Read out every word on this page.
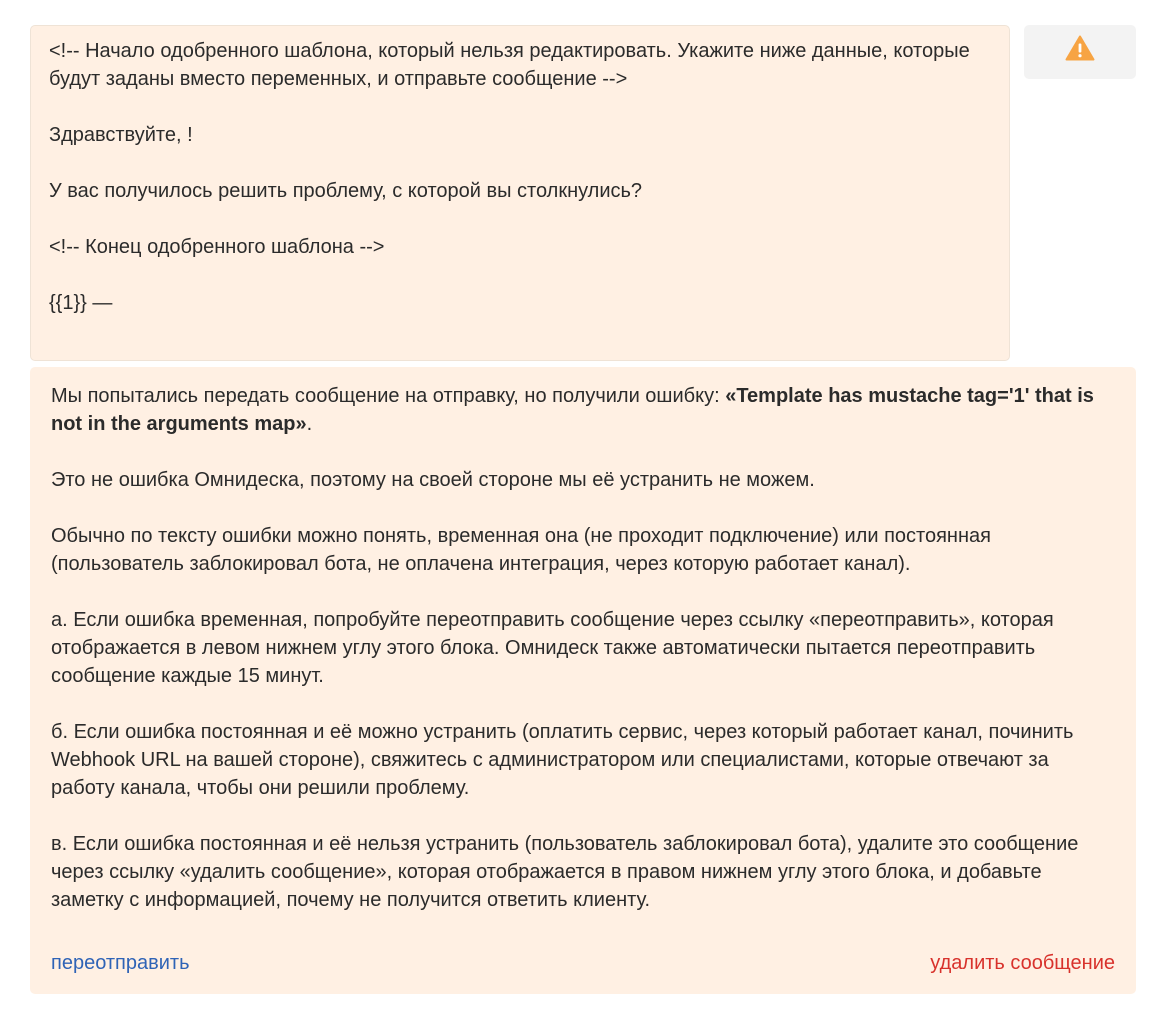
<!-- Начало одобренного шаблона, который нельзя редактировать. Укажите ниже данные, которые будут заданы вместо переменных, и отправьте сообщение -->

Здравствуйте, !

У вас получилось решить проблему, с которой вы столкнулись?

<!-- Конец одобренного шаблона -->

{{1}} —

Мы попытались передать сообщение на отправку, но получили ошибку: «Template has mustache tag='1' that is not in the arguments map».

Это не ошибка Омнидеска, поэтому на своей стороне мы её устранить не можем.

Обычно по тексту ошибки можно понять, временная она (не проходит подключение) или постоянная (пользователь заблокировал бота, не оплачена интеграция, через которую работает канал).

а. Если ошибка временная, попробуйте переотправить сообщение через ссылку «переотправить», которая отображается в левом нижнем углу этого блока. Омнидеск также автоматически пытается переотправить сообщение каждые 15 минут.

б. Если ошибка постоянная и её можно устранить (оплатить сервис, через который работает канал, починить Webhook URL на вашей стороне), свяжитесь с администратором или специалистами, которые отвечают за работу канала, чтобы они решили проблему.

в. Если ошибка постоянная и её нельзя устранить (пользователь заблокировал бота), удалите это сообщение через ссылку «удалить сообщение», которая отображается в правом нижнем углу этого блока, и добавьте заметку с информацией, почему не получится ответить клиенту.

переотправить	удалить сообщение
